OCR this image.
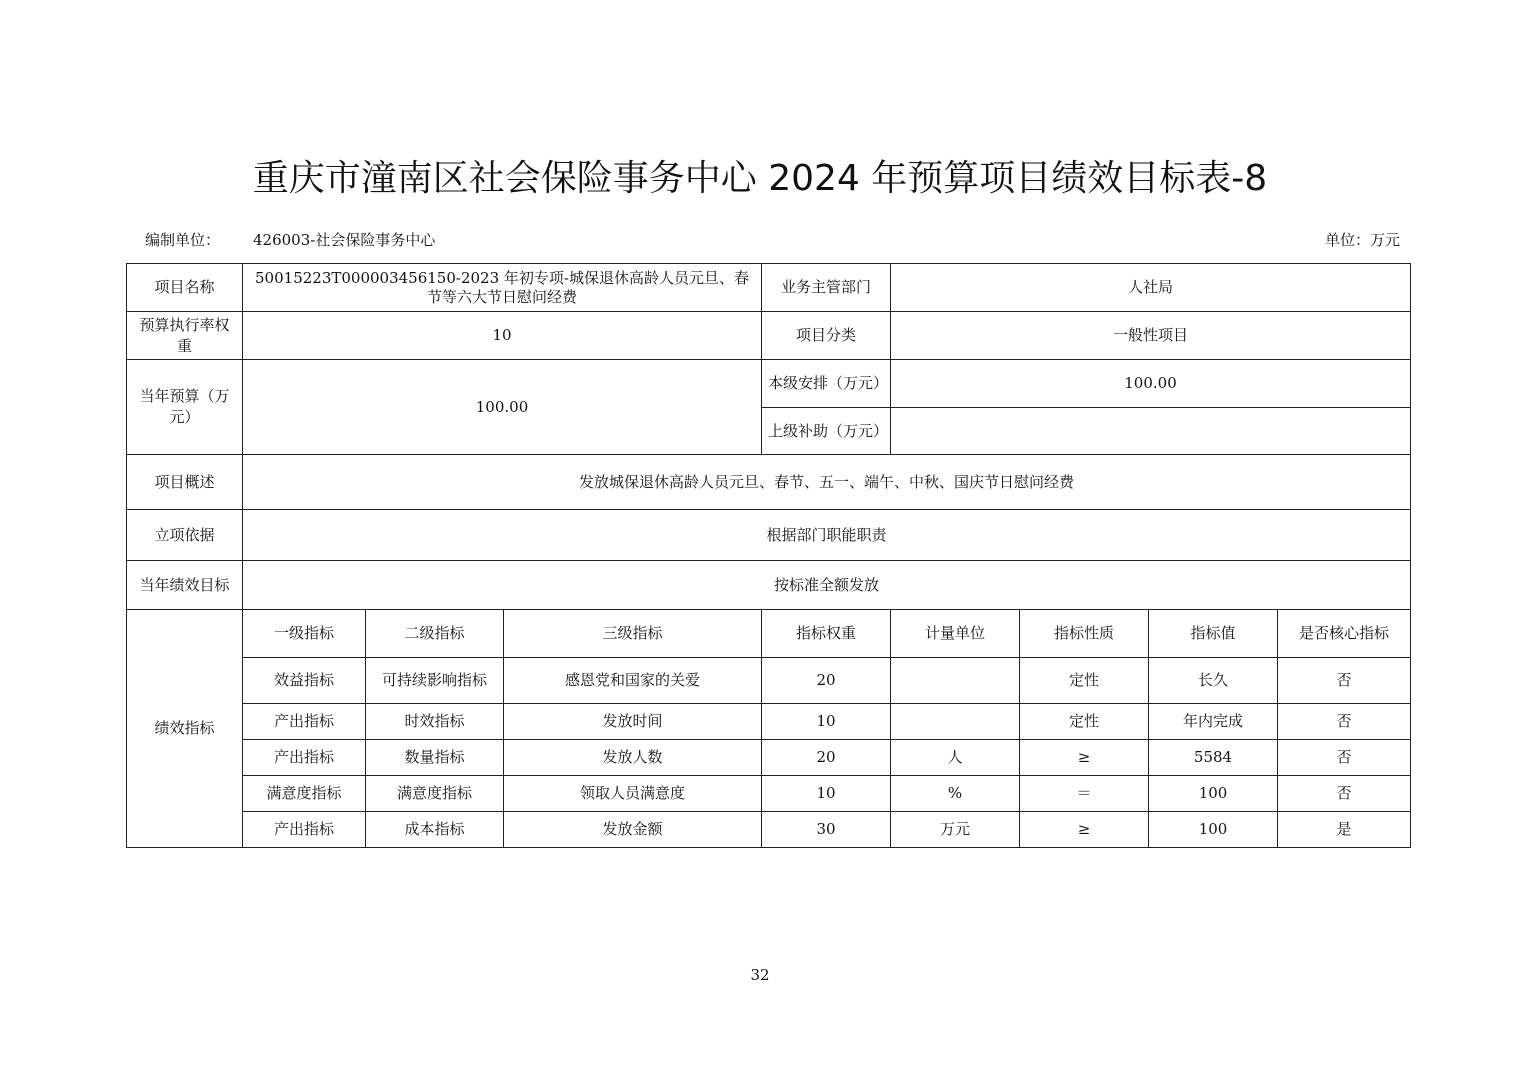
重庆市潼南区社会保险事务中心 2024 年预算项目绩效目标表-8
编制单位： 426003-社会保险事务中心	单位：万元
项目名称	50015223T000003456150-2023 年初专项-城保退休高龄人员元旦、春节等六大节日慰问经费			业务主管部门	人社局			
预算执行率权重	10			项目分类	一般性项目			
当年预算（万元）	100.00			本级安排（万元）	100.00			
				上级补助（万元）				
项目概述	发放城保退休高龄人员元旦、春节、五一、端午、中秋、国庆节日慰问经费							
立项依据	根据部门职能职责							
当年绩效目标	按标准全额发放							
绩效指标	一级指标	二级指标	三级指标	指标权重	计量单位	指标性质	指标值	是否核心指标
	效益指标	可持续影响指标	感恩党和国家的关爱	20		定性	长久	否
	产出指标	时效指标	发放时间	10		定性	年内完成	否
	产出指标	数量指标	发放人数	20	人	≥	5584	否
	满意度指标	满意度指标	领取人员满意度	10	%	＝	100	否
	产出指标	成本指标	发放金额	30	万元	≥	100	是
32
